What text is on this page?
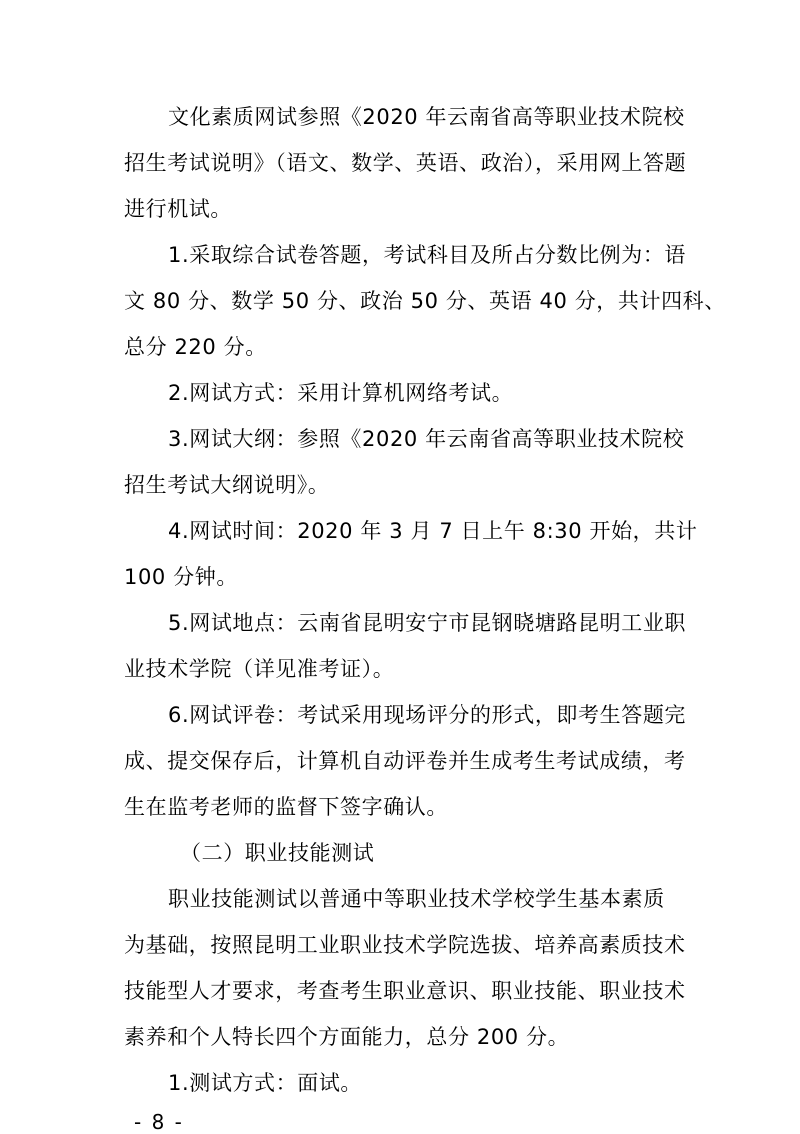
文化素质网试参照《2020 年云南省高等职业技术院校
招生考试说明》（语文、数学、英语、政治），采用网上答题
进行机试。
1.采取综合试卷答题，考试科目及所占分数比例为：语
文 80 分、数学 50 分、政治 50 分、英语 40 分，共计四科、
总分 220 分。
2.网试方式：采用计算机网络考试。
3.网试大纲：参照《2020 年云南省高等职业技术院校
招生考试大纲说明》。
4.网试时间：2020 年 3 月 7 日上午 8:30 开始，共计
100 分钟。
5.网试地点：云南省昆明安宁市昆钢晓塘路昆明工业职
业技术学院（详见准考证）。
6.网试评卷：考试采用现场评分的形式，即考生答题完
成、提交保存后，计算机自动评卷并生成考生考试成绩，考
生在监考老师的监督下签字确认。
（二）职业技能测试
职业技能测试以普通中等职业技术学校学生基本素质
为基础，按照昆明工业职业技术学院选拔、培养高素质技术
技能型人才要求，考查考生职业意识、职业技能、职业技术
素养和个人特长四个方面能力，总分 200 分。
1.测试方式：面试。
- 8 -
